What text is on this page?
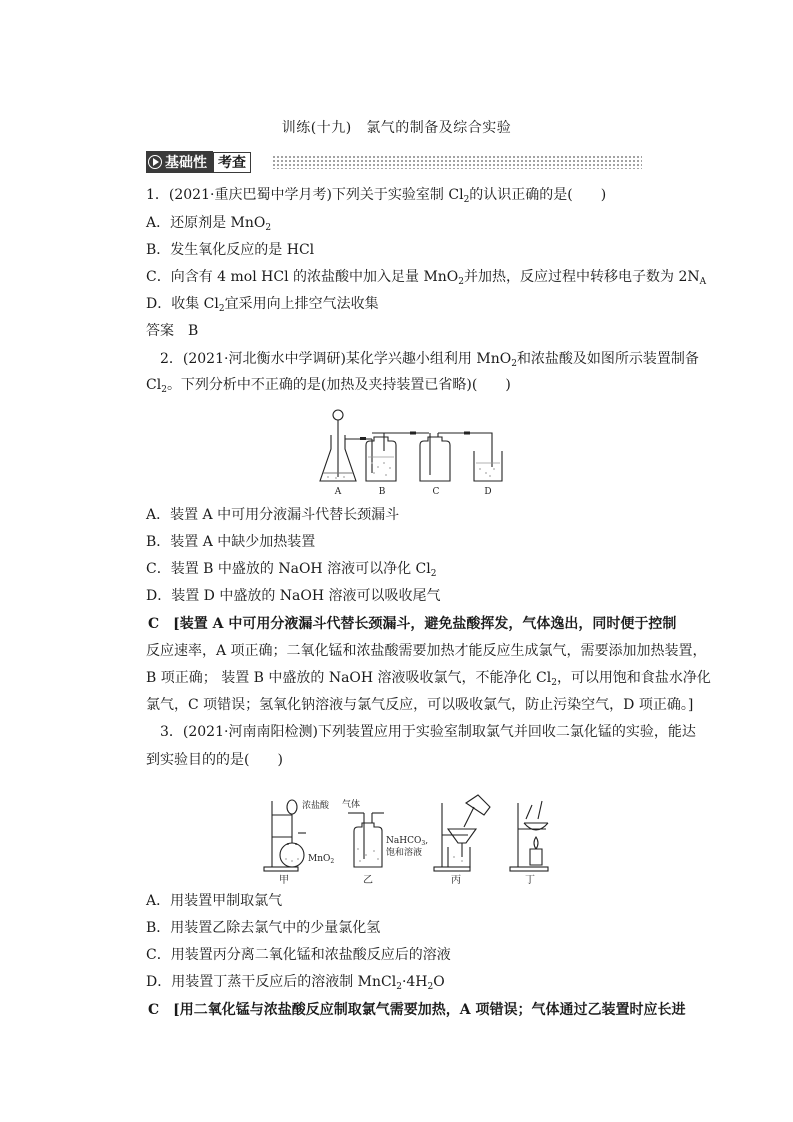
训练(十九)　氯气的制备及综合实验
基础性 考查
1．(2021·重庆巴蜀中学月考)下列关于实验室制 $Cl_2$的认识正确的是(　　)
A．还原剂是 MnO$_2$
B．发生氧化反应的是 HCl
C．向含有 4 mol HCl 的浓盐酸中加入足量 MnO$_2$并加热，反应过程中转移电子数为 $2N_A$
D．收集 $Cl_2$宜采用向上排空气法收集
答案　B
2．(2021·河北衡水中学调研)某化学兴趣小组利用 MnO$_2$和浓盐酸及如图所示装置制备
$Cl_2$。下列分析中不正确的是(加热及夹持装置已省略)(　　)
A	B	C	D
A．装置 A 中可用分液漏斗代替长颈漏斗
B．装置 A 中缺少加热装置
C．装置 B 中盛放的 NaOH 溶液可以净化 $Cl_2$
D．装置 D 中盛放的 NaOH 溶液可以吸收尾气
C　[装置 A 中可用分液漏斗代替长颈漏斗，避免盐酸挥发，气体逸出，同时便于控制
反应速率，A 项正确；二氧化锰和浓盐酸需要加热才能反应生成氯气，需要添加加热装置，
B 项正确； 装置 B 中盛放的 NaOH 溶液吸收氯气，不能净化 $Cl_2$，可以用饱和食盐水净化
氯气，C 项错误；氢氧化钠溶液与氯气反应，可以吸收氯气，防止污染空气，D 项正确。]
3．(2021·河南南阳检测)下列装置应用于实验室制取氯气并回收二氯化锰的实验，能达
到实验目的的是(　　)
浓盐酸 气体
MnO$_2$
NaHCO$_3$,
饱和溶液
甲	乙	丙	丁
A．用装置甲制取氯气
B．用装置乙除去氯气中的少量氯化氢
C．用装置丙分离二氧化锰和浓盐酸反应后的溶液
D．用装置丁蒸干反应后的溶液制 $MnCl_2\cdot 4H_2O$
C　[用二氧化锰与浓盐酸反应制取氯气需要加热，A 项错误；气体通过乙装置时应长进
